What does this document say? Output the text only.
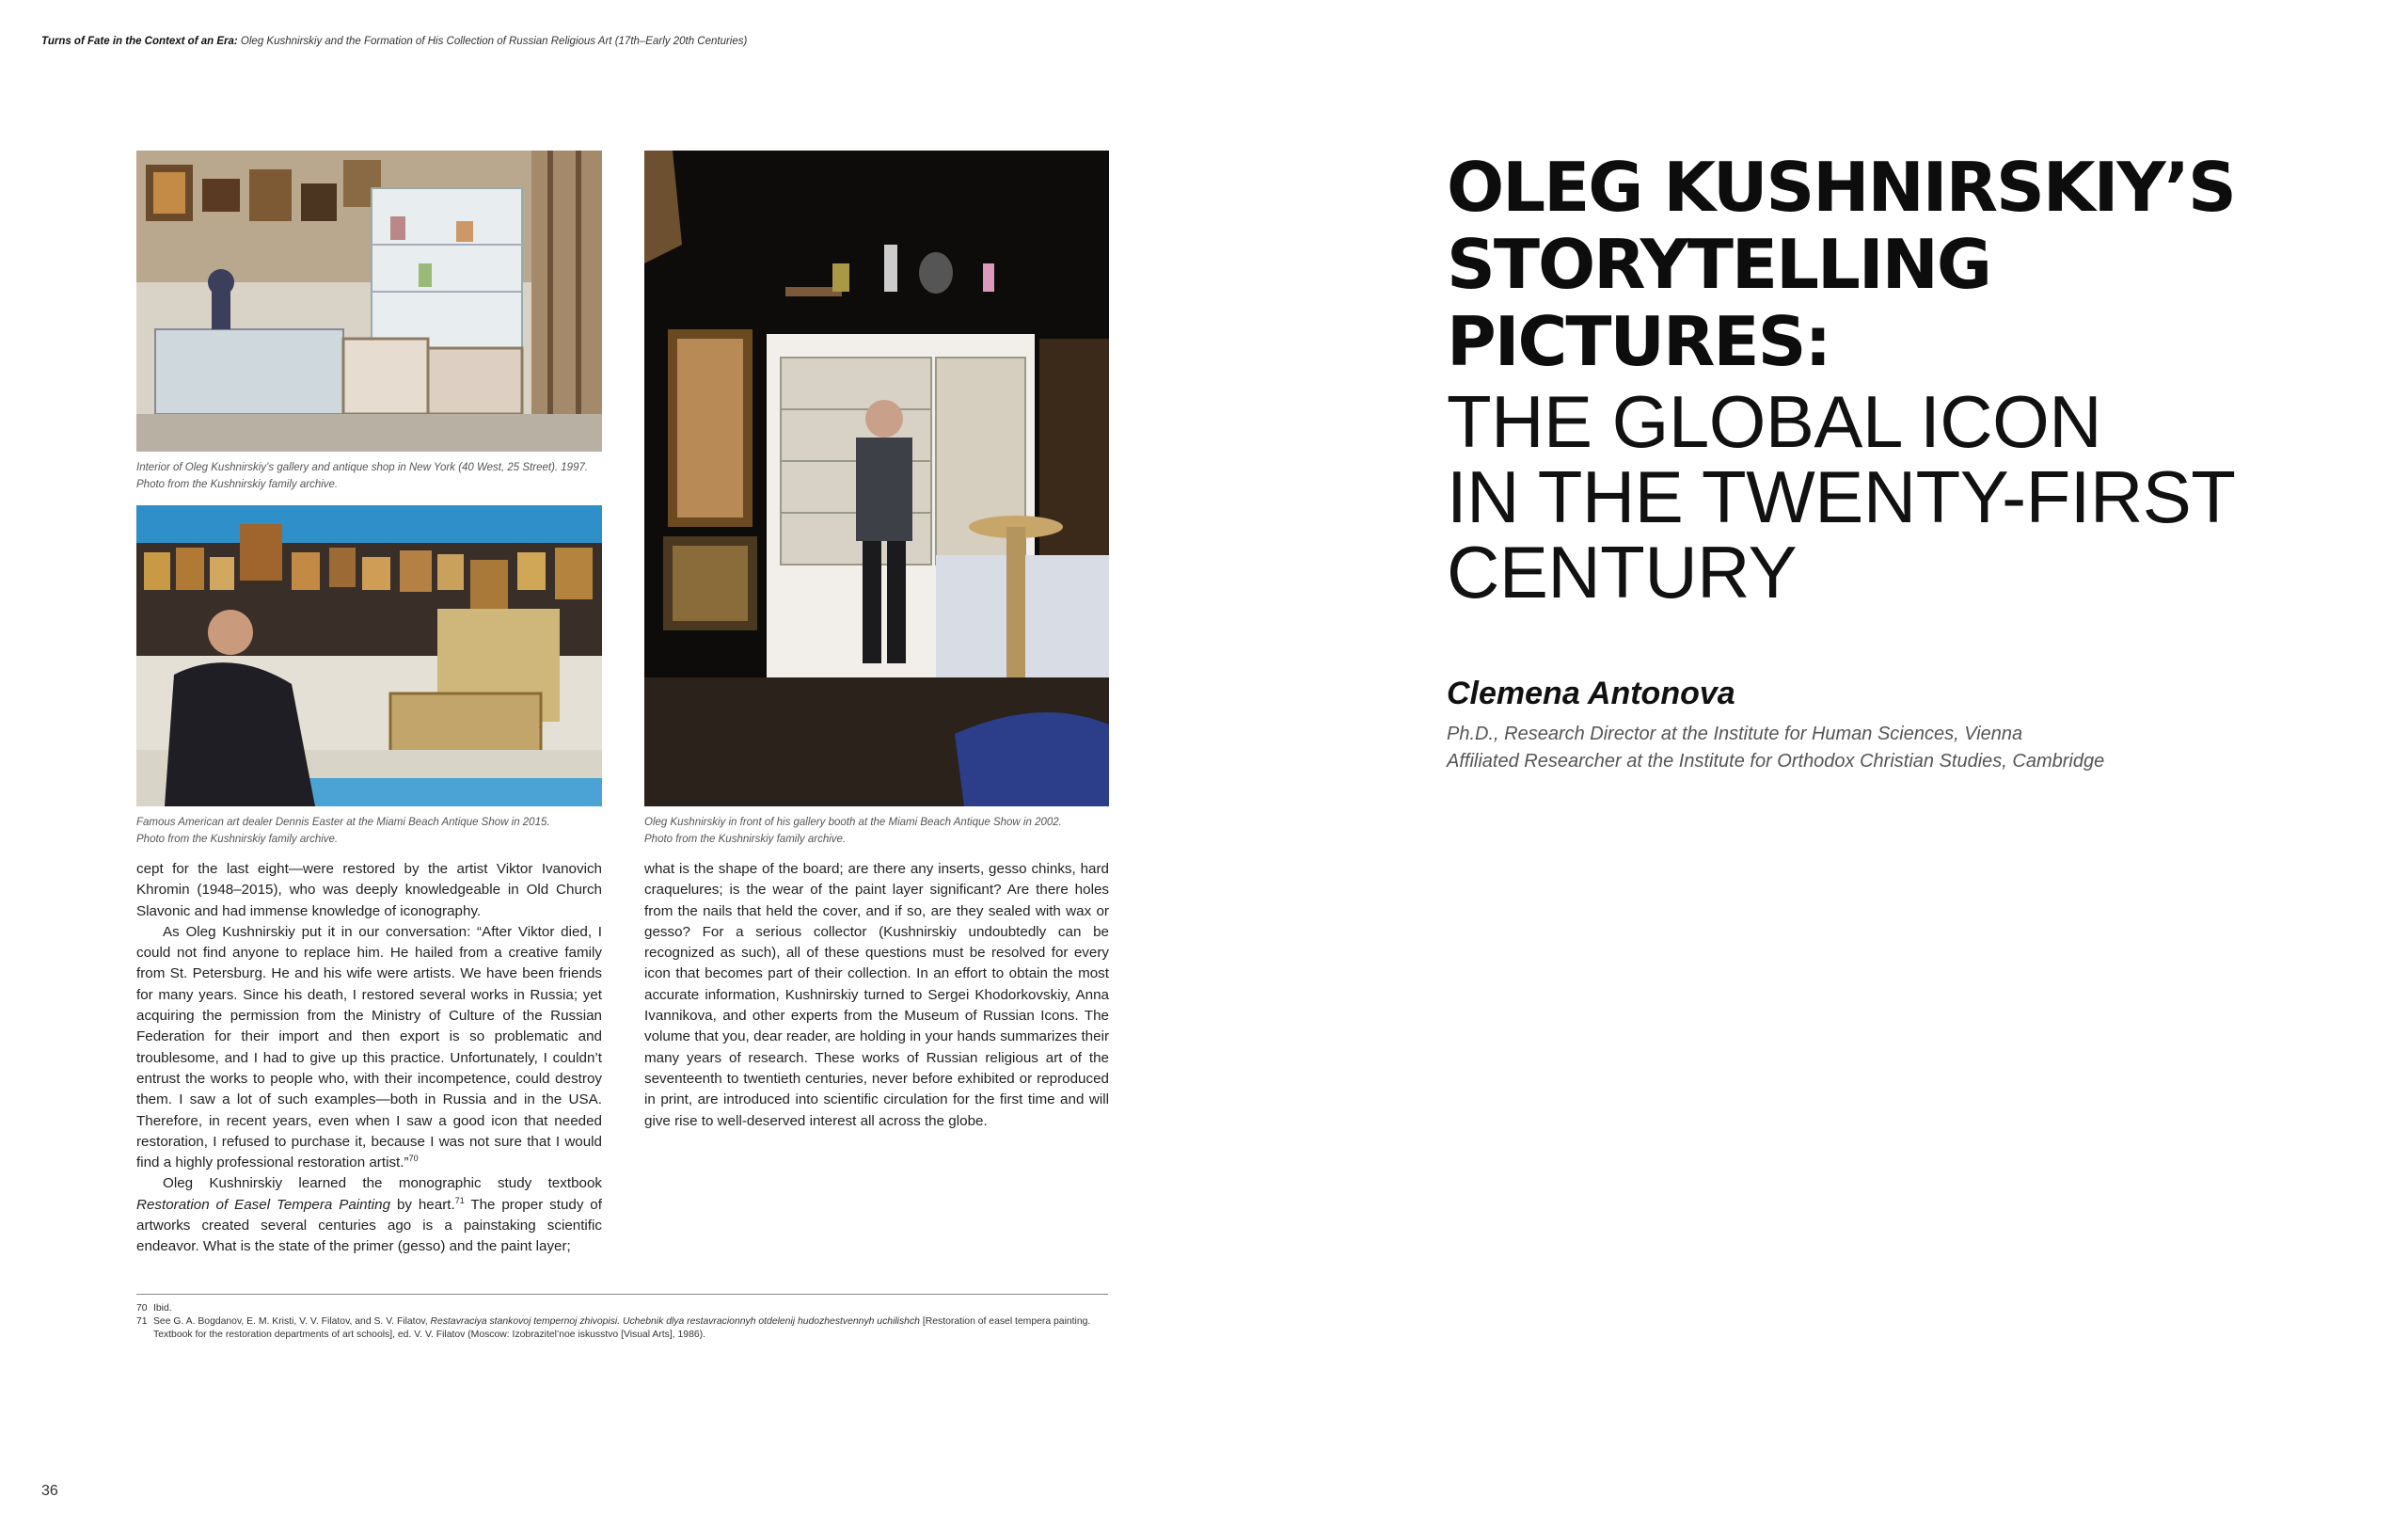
Turns of Fate in the Context of an Era: Oleg Kushnirskiy and the Formation of His Collection of Russian Religious Art (17th–Early 20th Centuries)
Interior of Oleg Kushnirskiy’s gallery and antique shop in New York (40 West, 25 Street). 1997.
Photo from the Kushnirskiy family archive.
Famous American art dealer Dennis Easter at the Miami Beach Antique Show in 2015.
Photo from the Kushnirskiy family archive.
Oleg Kushnirskiy in front of his gallery booth at the Miami Beach Antique Show in 2002.
Photo from the Kushnirskiy family archive.

cept for the last eight—were restored by the artist Viktor Ivanovich Khromin (1948–2015), who was deeply knowledgeable in Old Church Slavonic and had immense knowledge of iconography.

As Oleg Kushnirskiy put it in our conversation: “After Viktor died, I could not find anyone to replace him. He hailed from a creative family from St. Petersburg. He and his wife were artists. We have been friends for many years. Since his death, I restored several works in Russia; yet acquiring the permission from the Ministry of Culture of the Russian Federation for their import and then export is so problematic and troublesome, and I had to give up this practice. Unfortunately, I couldn’t entrust the works to people who, with their incompetence, could destroy them. I saw a lot of such examples—both in Russia and in the USA. Therefore, in recent years, even when I saw a good icon that needed restoration, I refused to purchase it, because I was not sure that I would find a highly professional restoration artist.”$^{70}$

Oleg Kushnirskiy learned the monographic study textbook Restoration of Easel Tempera Painting by heart.$^{71}$ The proper study of artworks created several centuries ago is a painstaking scientific endeavor. What is the state of the primer (gesso) and the paint layer;

what is the shape of the board; are there any inserts, gesso chinks, hard craquelures; is the wear of the paint layer significant? Are there holes from the nails that held the cover, and if so, are they sealed with wax or gesso? For a serious collector (Kushnirskiy undoubtedly can be recognized as such), all of these questions must be resolved for every icon that becomes part of their collection. In an effort to obtain the most accurate information, Kushnirskiy turned to Sergei Khodorkovskiy, Anna Ivannikova, and other experts from the Museum of Russian Icons. The volume that you, dear reader, are holding in your hands summarizes their many years of research. These works of Russian religious art of the seventeenth to twentieth centuries, never before exhibited or reproduced in print, are introduced into scientific circulation for the first time and will give rise to well-deserved interest all across the globe.

70 Ibid.
71 See G. A. Bogdanov, E. M. Kristi, V. V. Filatov, and S. V. Filatov, Restavraciya stankovoj tempernoj zhivopisi. Uchebnik dlya restavracionnyh otdelenij hudozhestvennyh uchilishch [Restoration of easel tempera painting. Textbook for the restoration departments of art schools], ed. V. V. Filatov (Moscow: Izobrazitel’noe iskusstvo [Visual Arts], 1986).
36
OLEG KUSHNIRSKIY’S
STORYTELLING
PICTURES:
THE GLOBAL ICON
IN THE TWENTY-FIRST
CENTURY
Clemena Antonova
Ph.D., Research Director at the Institute for Human Sciences, Vienna
Affiliated Researcher at the Institute for Orthodox Christian Studies, Cambridge
